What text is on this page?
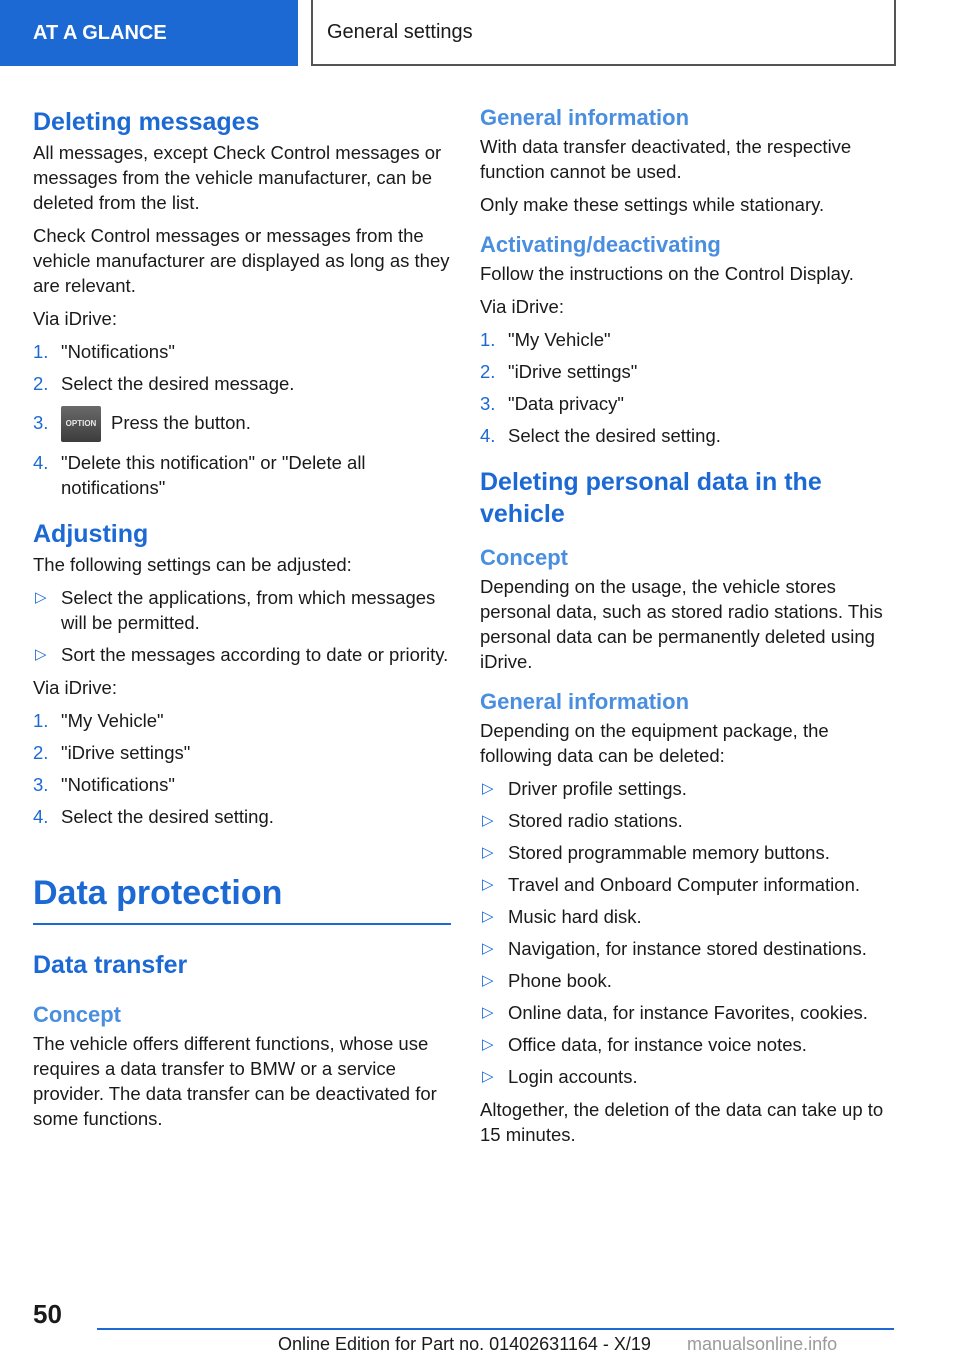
AT A GLANCE	General settings
Deleting messages

All messages, except Check Control messages or messages from the vehicle manufacturer, can be deleted from the list.

Check Control messages or messages from the vehicle manufacturer are displayed as long as they are relevant.

Via iDrive:

1. "Notifications"
2. Select the desired message.
3. OPTION Press the button.
4. "Delete this notification" or "Delete all notifications"
Adjusting

The following settings can be adjusted:

▷ Select the applications, from which messages will be permitted.
▷ Sort the messages according to date or priority.

Via iDrive:

1. "My Vehicle"
2. "iDrive settings"
3. "Notifications"
4. Select the desired setting.
Data protection
Data transfer
Concept

The vehicle offers different functions, whose use requires a data transfer to BMW or a service provider. The data transfer can be deactivated for some functions.

General information

With data transfer deactivated, the respective function cannot be used.

Only make these settings while stationary.

Activating/deactivating

Follow the instructions on the Control Display.

Via iDrive:

1. "My Vehicle"
2. "iDrive settings"
3. "Data privacy"
4. Select the desired setting.
Deleting personal data in the vehicle
Concept

Depending on the usage, the vehicle stores personal data, such as stored radio stations. This personal data can be permanently deleted using iDrive.

General information

Depending on the equipment package, the following data can be deleted:

▷ Driver profile settings.
▷ Stored radio stations.
▷ Stored programmable memory buttons.
▷ Travel and Onboard Computer information.
▷ Music hard disk.
▷ Navigation, for instance stored destinations.
▷ Phone book.
▷ Online data, for instance Favorites, cookies.
▷ Office data, for instance voice notes.
▷ Login accounts.

Altogether, the deletion of the data can take up to 15 minutes.

50
Online Edition for Part no. 01402631164 - X/19 manualsonline.info
